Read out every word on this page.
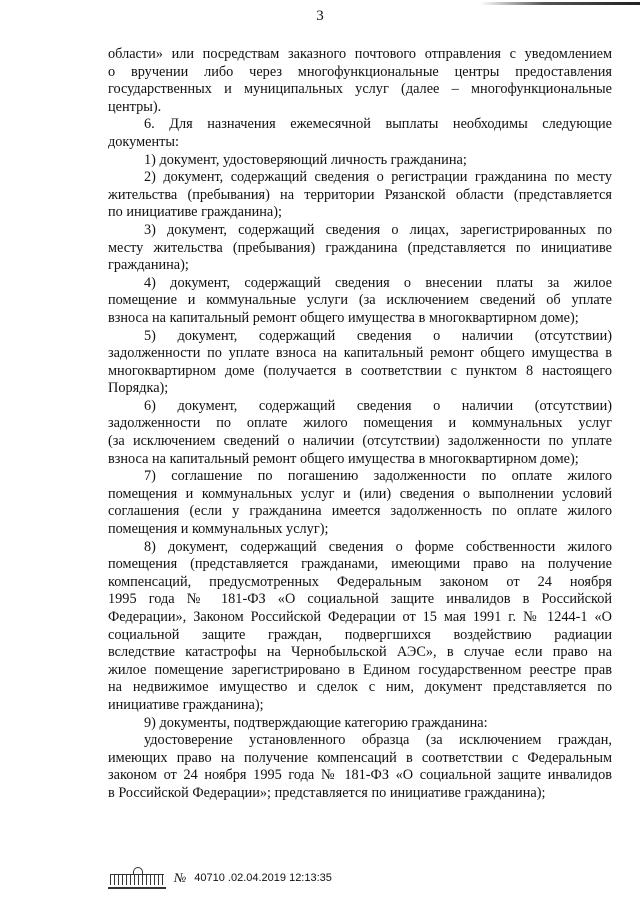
3
области» или посредствам заказного почтового отправления с уведомлением
о вручении либо через многофункциональные центры предоставления
государственных и муниципальных услуг (далее – многофункциональные
центры).
6. Для назначения ежемесячной выплаты необходимы следующие
документы:
1) документ, удостоверяющий личность гражданина;
2) документ, содержащий сведения о регистрации гражданина по месту
жительства (пребывания) на территории Рязанской области (представляется
по инициативе гражданина);
3) документ, содержащий сведения о лицах, зарегистрированных по
месту жительства (пребывания) гражданина (представляется по инициативе
гражданина);
4) документ, содержащий сведения о внесении платы за жилое
помещение и коммунальные услуги (за исключением сведений об уплате
взноса на капитальный ремонт общего имущества в многоквартирном доме);
5) документ, содержащий сведения о наличии (отсутствии)
задолженности по уплате взноса на капитальный ремонт общего имущества в
многоквартирном доме (получается в соответствии с пунктом 8 настоящего
Порядка);
6) документ, содержащий сведения о наличии (отсутствии)
задолженности по оплате жилого помещения и коммунальных услуг
(за исключением сведений о наличии (отсутствии) задолженности по уплате
взноса на капитальный ремонт общего имущества в многоквартирном доме);
7) соглашение по погашению задолженности по оплате жилого
помещения и коммунальных услуг и (или) сведения о выполнении условий
соглашения (если у гражданина имеется задолженность по оплате жилого
помещения и коммунальных услуг);
8) документ, содержащий сведения о форме собственности жилого
помещения (представляется гражданами, имеющими право на получение
компенсаций, предусмотренных Федеральным законом от 24 ноября
1995 года № 181-ФЗ «О социальной защите инвалидов в Российской
Федерации», Законом Российской Федерации от 15 мая 1991 г. № 1244-1 «О
социальной защите граждан, подвергшихся воздействию радиации
вследствие катастрофы на Чернобыльской АЭС», в случае если право на
жилое помещение зарегистрировано в Едином государственном реестре прав
на недвижимое имущество и сделок с ним, документ представляется по
инициативе гражданина);
9) документы, подтверждающие категорию гражданина:
удостоверение установленного образца (за исключением граждан,
имеющих право на получение компенсаций в соответствии с Федеральным
законом от 24 ноября 1995 года № 181-ФЗ «О социальной защите инвалидов
в Российской Федерации»; представляется по инициативе гражданина);
№ 40710 .02.04.2019 12:13:35
